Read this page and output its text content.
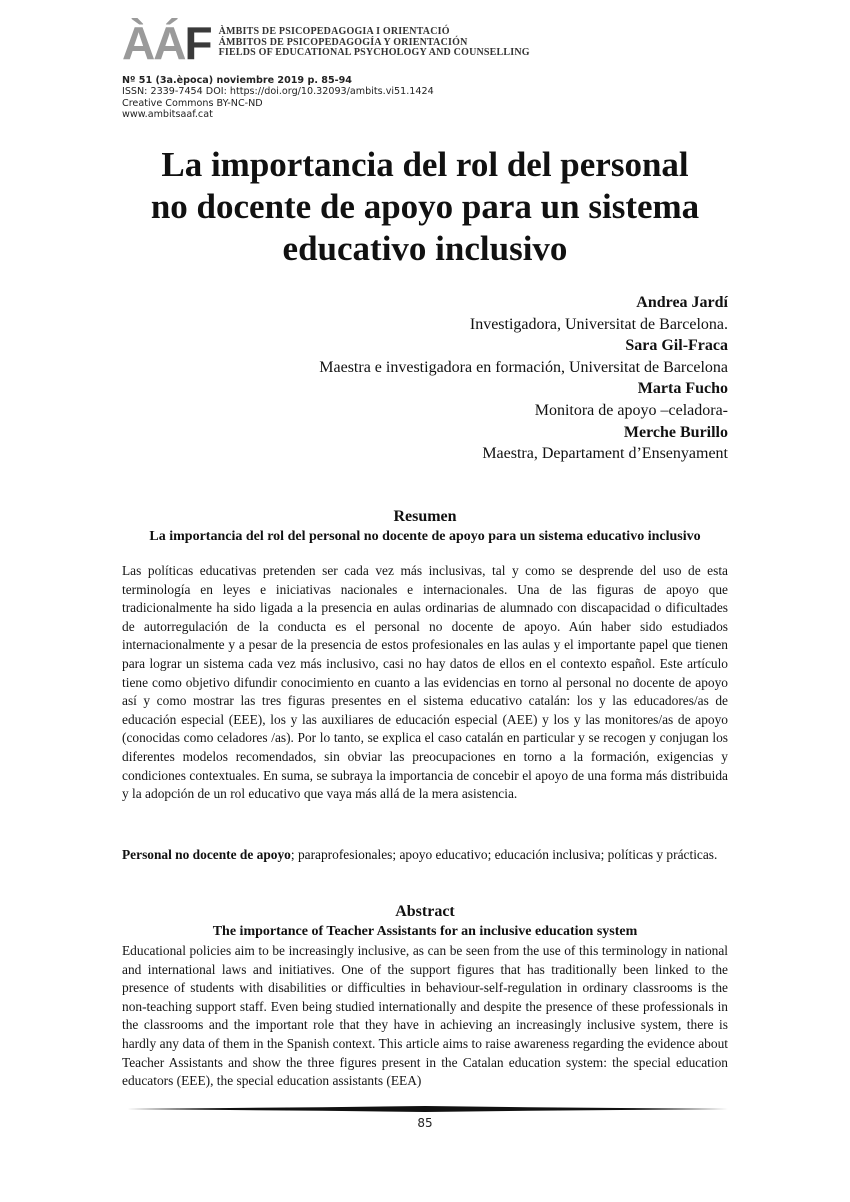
ÀÁ F ÀMBITS DE PSICOPEDAGOGIA I ORIENTACIÓ
ÁMBITOS DE PSICOPEDAGOGÍA Y ORIENTACIÓN
FIELDS OF EDUCATIONAL PSYCHOLOGY AND COUNSELLING
Nº 51 (3a.època) noviembre 2019 p. 85-94
ISSN: 2339-7454 DOI: https://doi.org/10.32093/ambits.vi51.1424
Creative Commons BY-NC-ND
www.ambitsaaf.cat
La importancia del rol del personal
no docente de apoyo para un sistema
educativo inclusivo
Andrea Jardí
Investigadora, Universitat de Barcelona.
Sara Gil-Fraca
Maestra e investigadora en formación, Universitat de Barcelona
Marta Fucho
Monitora de apoyo –celadora-
Merche Burillo
Maestra, Departament d’Ensenyament
Resumen
La importancia del rol del personal no docente de apoyo para un sistema educativo inclusivo
Las políticas educativas pretenden ser cada vez más inclusivas, tal y como se desprende del uso de esta terminología en leyes e iniciativas nacionales e internacionales. Una de las figuras de apoyo que tradicionalmente ha sido ligada a la presencia en aulas ordinarias de alumnado con discapacidad o dificultades de autorregulación de la conducta es el personal no docente de apoyo. Aún haber sido estudiados internacionalmente y a pesar de la presencia de estos profesionales en las aulas y el importante papel que tienen para lograr un sistema cada vez más inclusivo, casi no hay datos de ellos en el contexto español. Este artículo tiene como objetivo difundir conocimiento en cuanto a las evidencias en torno al personal no docente de apoyo así y como mostrar las tres figuras presentes en el sistema educativo catalán: los y las educadores/as de educación especial (EEE), los y las auxiliares de educación especial (AEE) y los y las monitores/as de apoyo (conocidas como celadores /as). Por lo tanto, se explica el caso catalán en particular y se recogen y conjugan los diferentes modelos recomendados, sin obviar las preocupaciones en torno a la formación, exigencias y condiciones contextuales. En suma, se subraya la importancia de concebir el apoyo de una forma más distribuida y la adopción de un rol educativo que vaya más allá de la mera asistencia.
Personal no docente de apoyo; paraprofesionales; apoyo educativo; educación inclusiva; políticas y prácticas.
Abstract
The importance of Teacher Assistants for an inclusive education system
Educational policies aim to be increasingly inclusive, as can be seen from the use of this terminology in national and international laws and initiatives. One of the support figures that has traditionally been linked to the presence of students with disabilities or difficulties in behaviour-self-regulation in ordinary classrooms is the non-teaching support staff. Even being studied internationally and despite the presence of these professionals in the classrooms and the important role that they have in achieving an increasingly inclusive system, there is hardly any data of them in the Spanish context. This article aims to raise awareness regarding the evidence about Teacher Assistants and show the three figures present in the Catalan education system: the special education educators (EEE), the special education assistants (EEA)
85
